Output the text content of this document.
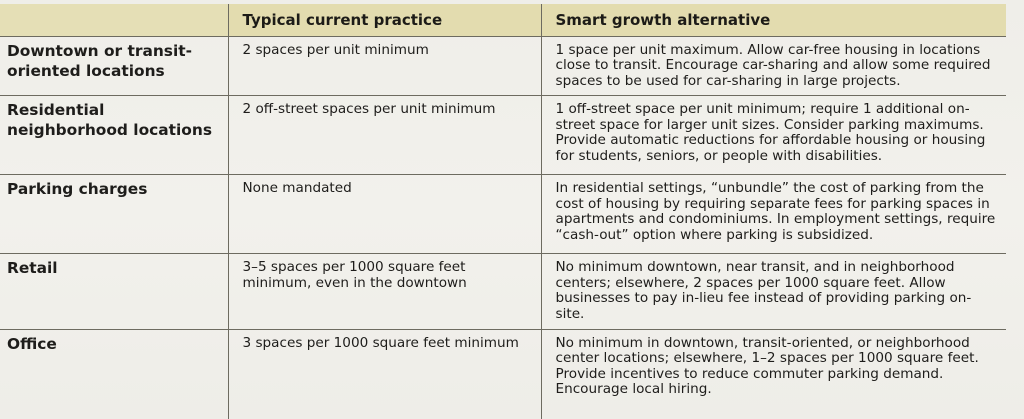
	Typical current practice	Smart growth alternative
Downtown or transit-oriented locations	2 spaces per unit minimum	1 space per unit maximum. Allow car-free housing in locations close to transit. Encourage car-sharing and allow some required spaces to be used for car-sharing in large projects.
Residential neighborhood locations	2 off-street spaces per unit minimum	1 off-street space per unit minimum; require 1 additional on-street space for larger unit sizes. Consider parking maximums. Provide automatic reductions for affordable housing or housing for students, seniors, or people with disabilities.
Parking charges	None mandated	In residential settings, “unbundle” the cost of parking from the cost of housing by requiring separate fees for parking spaces in apartments and condominiums. In employment settings, require “cash-out” option where parking is subsidized.
Retail	3–5 spaces per 1000 square feet minimum, even in the downtown	No minimum downtown, near transit, and in neighborhood centers; elsewhere, 2 spaces per 1000 square feet. Allow businesses to pay in-lieu fee instead of providing parking on-site.
Office	3 spaces per 1000 square feet minimum	No minimum in downtown, transit-oriented, or neighborhood center locations; elsewhere, 1–2 spaces per 1000 square feet. Provide incentives to reduce commuter parking demand. Encourage local hiring.
